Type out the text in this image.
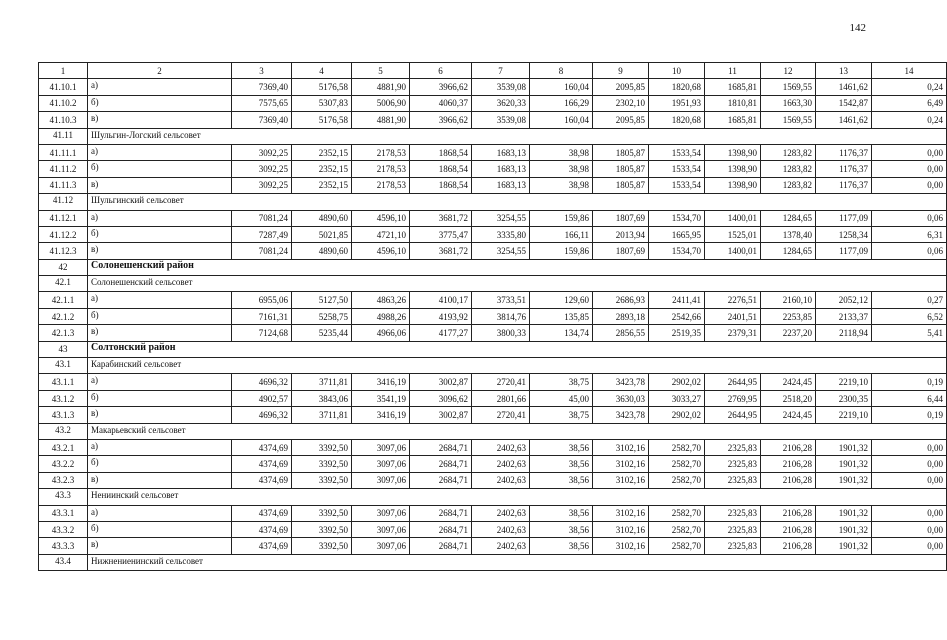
142
1	2	3	4	5	6	7	8	9	10	11	12	13	14
41.10.1	а)	7369,40	5176,58	4881,90	3966,62	3539,08	160,04	2095,85	1820,68	1685,81	1569,55	1461,62	0,24
41.10.2	б)	7575,65	5307,83	5006,90	4060,37	3620,33	166,29	2302,10	1951,93	1810,81	1663,30	1542,87	6,49
41.10.3	в)	7369,40	5176,58	4881,90	3966,62	3539,08	160,04	2095,85	1820,68	1685,81	1569,55	1461,62	0,24
41.11	Шульгин-Логский сельсовет												
41.11.1	а)	3092,25	2352,15	2178,53	1868,54	1683,13	38,98	1805,87	1533,54	1398,90	1283,82	1176,37	0,00
41.11.2	б)	3092,25	2352,15	2178,53	1868,54	1683,13	38,98	1805,87	1533,54	1398,90	1283,82	1176,37	0,00
41.11.3	в)	3092,25	2352,15	2178,53	1868,54	1683,13	38,98	1805,87	1533,54	1398,90	1283,82	1176,37	0,00
41.12	Шульгинский сельсовет												
41.12.1	а)	7081,24	4890,60	4596,10	3681,72	3254,55	159,86	1807,69	1534,70	1400,01	1284,65	1177,09	0,06
41.12.2	б)	7287,49	5021,85	4721,10	3775,47	3335,80	166,11	2013,94	1665,95	1525,01	1378,40	1258,34	6,31
41.12.3	в)	7081,24	4890,60	4596,10	3681,72	3254,55	159,86	1807,69	1534,70	1400,01	1284,65	1177,09	0,06
42	Солонешенский район												
42.1	Солонешенский сельсовет												
42.1.1	а)	6955,06	5127,50	4863,26	4100,17	3733,51	129,60	2686,93	2411,41	2276,51	2160,10	2052,12	0,27
42.1.2	б)	7161,31	5258,75	4988,26	4193,92	3814,76	135,85	2893,18	2542,66	2401,51	2253,85	2133,37	6,52
42.1.3	в)	7124,68	5235,44	4966,06	4177,27	3800,33	134,74	2856,55	2519,35	2379,31	2237,20	2118,94	5,41
43	Солтонский район												
43.1	Карабинский сельсовет												
43.1.1	а)	4696,32	3711,81	3416,19	3002,87	2720,41	38,75	3423,78	2902,02	2644,95	2424,45	2219,10	0,19
43.1.2	б)	4902,57	3843,06	3541,19	3096,62	2801,66	45,00	3630,03	3033,27	2769,95	2518,20	2300,35	6,44
43.1.3	в)	4696,32	3711,81	3416,19	3002,87	2720,41	38,75	3423,78	2902,02	2644,95	2424,45	2219,10	0,19
43.2	Макарьевский сельсовет												
43.2.1	а)	4374,69	3392,50	3097,06	2684,71	2402,63	38,56	3102,16	2582,70	2325,83	2106,28	1901,32	0,00
43.2.2	б)	4374,69	3392,50	3097,06	2684,71	2402,63	38,56	3102,16	2582,70	2325,83	2106,28	1901,32	0,00
43.2.3	в)	4374,69	3392,50	3097,06	2684,71	2402,63	38,56	3102,16	2582,70	2325,83	2106,28	1901,32	0,00
43.3	Нениинский сельсовет												
43.3.1	а)	4374,69	3392,50	3097,06	2684,71	2402,63	38,56	3102,16	2582,70	2325,83	2106,28	1901,32	0,00
43.3.2	б)	4374,69	3392,50	3097,06	2684,71	2402,63	38,56	3102,16	2582,70	2325,83	2106,28	1901,32	0,00
43.3.3	в)	4374,69	3392,50	3097,06	2684,71	2402,63	38,56	3102,16	2582,70	2325,83	2106,28	1901,32	0,00
43.4	Нижнениенинский сельсовет												
